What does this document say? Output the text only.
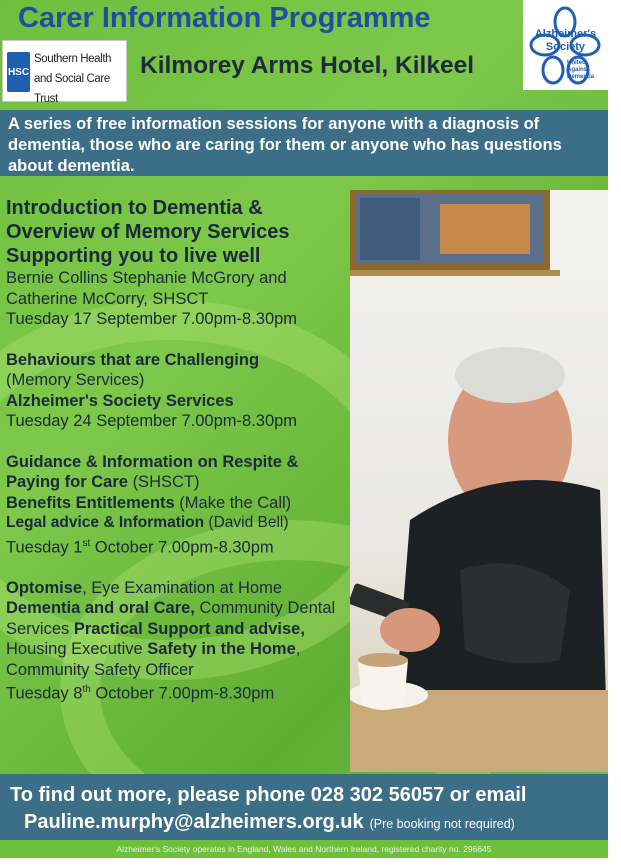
Carer Information Programme
HSC
Southern Health and Social Care Trust
Kilmorey Arms Hotel, Kilkeel
Alzheimer's Society
United Against Dementia

A series of free information sessions for anyone with a diagnosis of dementia, those who are caring for them or anyone who has questions about dementia.

Introduction to Dementia &
Overview of Memory Services
Supporting you to live well
Bernie Collins Stephanie McGrory and Catherine McCorry, SHSCT
Tuesday 17 September 7.00pm-8.30pm
Behaviours that are Challenging
(Memory Services)
Alzheimer's Society Services
Tuesday 24 September 7.00pm-8.30pm
Guidance & Information on Respite & Paying for Care (SHSCT)
Benefits Entitlements (Make the Call)
Legal advice & Information (David Bell)
Tuesday 1st October 7.00pm-8.30pm
Optomise, Eye Examination at Home Dementia and oral Care, Community Dental Services Practical Support and advise, Housing Executive Safety in the Home, Community Safety Officer
Tuesday 8th October 7.00pm-8.30pm
To find out more, please phone 028 302 56057 or email
Pauline.murphy@alzheimers.org.uk (Pre booking not required)
Alzheimer's Society operates in England, Wales and Northern Ireland, registered charity no. 296645
